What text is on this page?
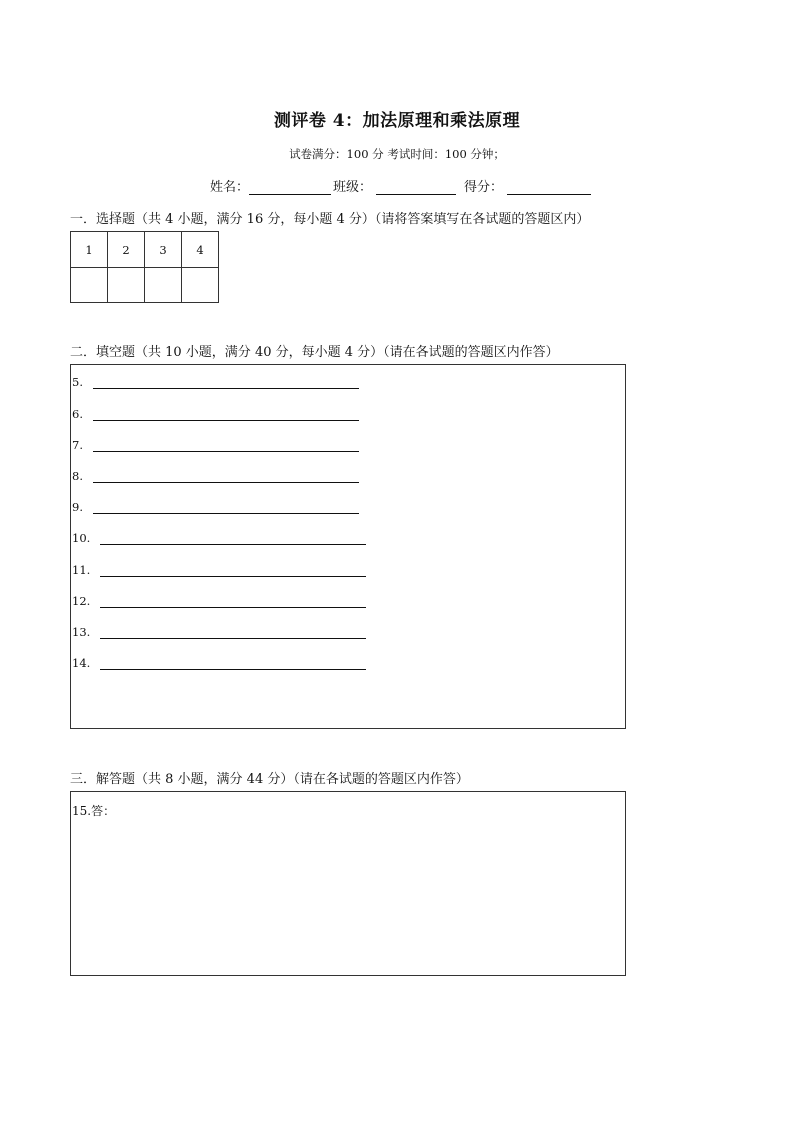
测评卷 4：加法原理和乘法原理
试卷满分：100 分 考试时间：100 分钟；
姓名：	班级：	得分：
一．选择题（共 4 小题，满分 16 分，每小题 4 分）（请将答案填写在各试题的答题区内）
1	2	3	4

二．填空题（共 10 小题，满分 40 分，每小题 4 分）（请在各试题的答题区内作答）
5.
6.
7.
8.
9.
10.
11.
12.
13.
14.
三．解答题（共 8 小题，满分 44 分）（请在各试题的答题区内作答）
15.答：
